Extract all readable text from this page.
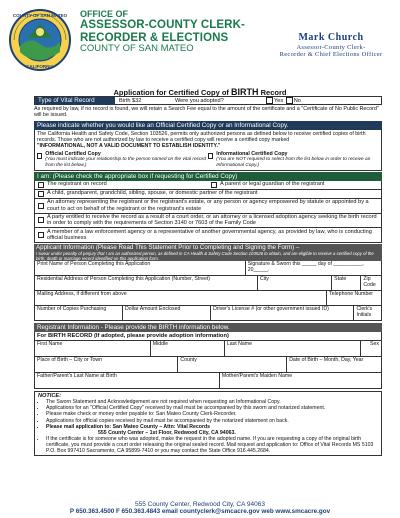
COUNTY OF SAN MATEO
CALIFORNIA
OFFICE OF
ASSESSOR-COUNTY CLERK-
RECORDER & ELECTIONS
COUNTY OF SAN MATEO
Mark Church
Assessor-County Clerk-
Recorder & Chief Elections Officer
Application for Certified Copy of BIRTH Record
Type of Vital Record	Birth $32	Were you adopted?	Yes No
As required by law, if no record is found, we will retain a Search Fee equal to the amount of the certificate and a "Certificate of No Public Record" will be issued.
Please indicate whether you would like an Official Certified Copy or an Informational Copy.
The California Health and Safety Code, Section 103526, permits only authorized persons as defined below to receive certified copies of birth records. Those who are not authorized by law to receive a certified copy will receive a certified copy marked
"INFORMATIONAL, NOT A VALID DOCUMENT TO ESTABLISH IDENTITY."
Official Certified Copy
(You must indicate your relationship to the person named on the vital record from the list below.)
Informational Certified Copy
(You are NOT required to select from the list below in order to receive an Informational Copy.)
I am: (Please check the appropriate box if requesting for Certified Copy)
The registrant on record	A parent or legal guardian of the registrant
A child, grandparent, grandchild, sibling, spouse, or domestic partner of the registrant
An attorney representing the registrant or the registrant's estate, or any person or agency empowered by statute or appointed by a court to act on behalf of the registrant or the registrant's estate
A party entitled to receive the record as a result of a court order, or an attorney or a licensed adoption agency seeking the birth record in order to comply with the requirements of Section 3140 or 7603 of the Family Code
A member of a law enforcement agency or a representative of another governmental agency, as provided by law, who is conducting official business
Applicant Information (Please Read This Statement Prior to Completing and Signing the Form) –
I swear under penalty of perjury that I am an authorized person, as defined in CA Health & Safety Code Section 103526 to obtain, and am eligible to receive a certified copy of the birth, death or marriage record identified on this application form.
Print Name of Person Completing this Application	Signature & Sworn this _____ day of __________, 20_____.
Residential Address of Person Completing this Application (Number, Street)	City	State	Zip Code
Mailing Address, if different from above	Telephone Number
Number of Copies Purchasing	Dollar Amount Enclosed	Driver's License # (or other government issued ID)	Clerk's Initials
Registrant Information - Please provide the BIRTH information below.
For BIRTH RECORD (If adopted, please provide adoption information)
First Name	Middle	Last Name	Sex
Place of Birth – City or Town	County	Date of Birth – Month, Day, Year
Father/Parent's Last Name at Birth	Mother/Parent's Maiden Name
NOTICE:
• The Sworn Statement and Acknowledgement are not required when requesting an Informational Copy.
• Applications for an "Official Certified Copy" received by mail must be accompanied by this sworn and notarized statement.
• Please make check or money order payable to: San Mateo County Clerk-Recorder.
• Applications for official copies received by mail must be accompanied by the notarized statement on back.
• Please mail application to: San Mateo County – Attn: Vital Records
555 County Center – 1st Floor, Redwood City, CA 94063.
• If the certificate is for someone who was adopted, make the request in the adopted name. If you are requesting a copy of the original birth certificate, you must provide a court order releasing the original sealed record. Mail request and application to: Office of Vital Records MS 5103 P.O. Box 997410 Sacramento, CA 95899-7410 or you may contact the State Office 916.445.2684.
555 County Center, Redwood City, CA 94063
P 650.363.4500 F 650.363.4843 email countyclerk@smcacre.gov web www.smcacre.gov
